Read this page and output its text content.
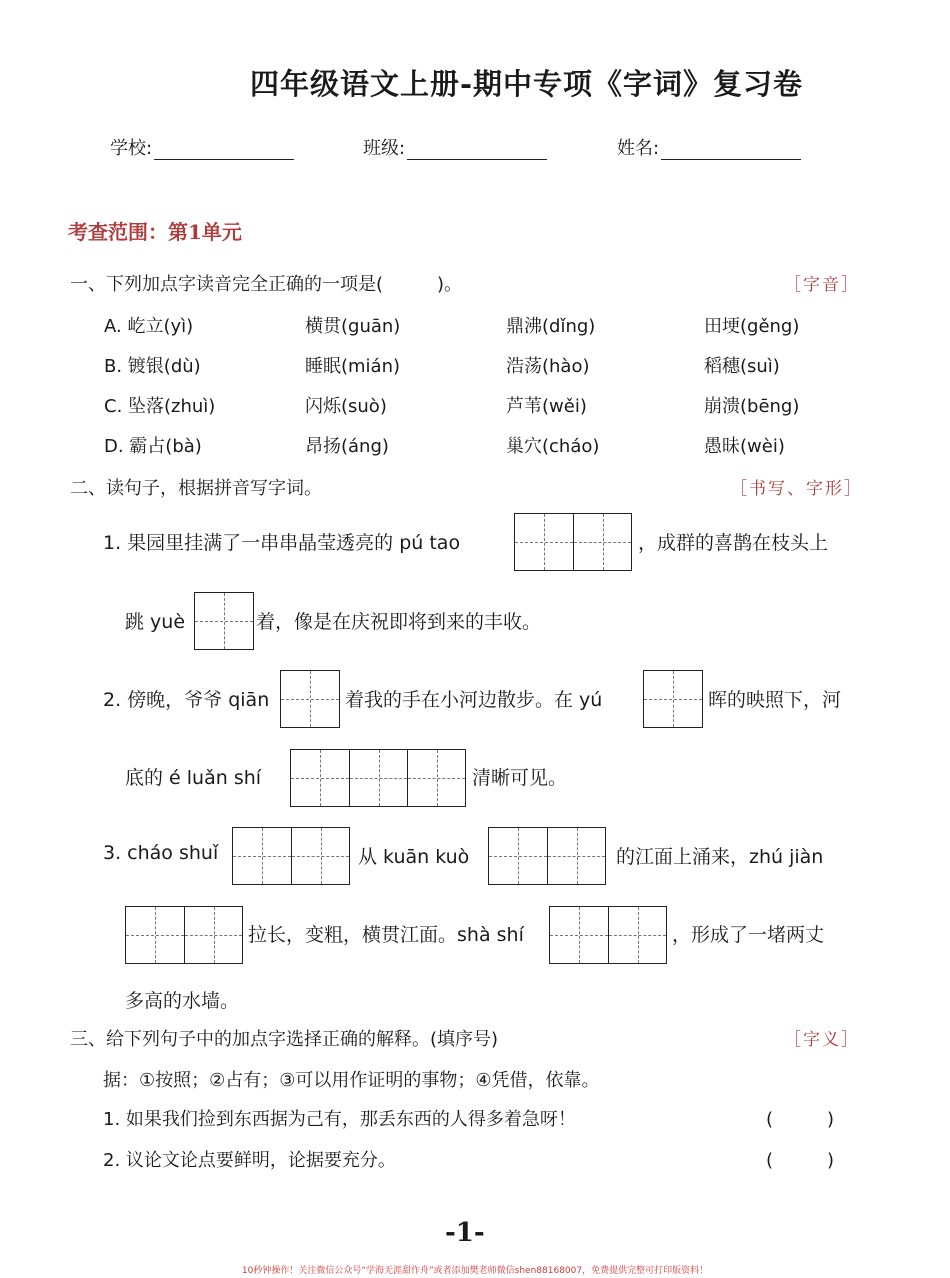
四年级语文上册-期中专项《字词》复习卷
学校:	班级:	姓名:
考查范围：第1单元
一、下列加点字读音完全正确的一项是(　　　)。	［字音］
A. 屹立(yì)	横贯(guān)	鼎沸(dǐng)	田埂(gěng)
B. 镀银(dù)	睡眠(mián)	浩荡(hào)	稻穗(suì)
C. 坠落(zhuì)	闪烁(suò)	芦苇(wěi)	崩溃(bēng)
D. 霸占(bà)	昂扬(áng)	巢穴(cháo)	愚昧(wèi)
二、读句子，根据拼音写字词。	［书写、字形］
1. 果园里挂满了一串串晶莹透亮的 pú tao	，成群的喜鹊在枝头上
跳 yuè	着，像是在庆祝即将到来的丰收。
2. 傍晚，爷爷 qiān	着我的手在小河边散步。在 yú	晖的映照下，河
底的 é luǎn shí	清晰可见。
3. cháo shuǐ	从 kuān kuò	的江面上涌来，zhú jiàn
拉长，变粗，横贯江面。shà shí	，形成了一堵两丈
多高的水墙。
三、给下列句子中的加点字选择正确的解释。(填序号)	［字义］
据：①按照；②占有；③可以用作证明的事物；④凭借，依靠。
1. 如果我们捡到东西据为己有，那丢东西的人得多着急呀！	(　　　)
2. 议论文论点要鲜明，论据要充分。	(　　　)
-1-
10秒钟操作！关注微信公众号“学海无涯甜作舟”或者添加樊老师微信shen88168007，免费提供完整可打印版资料！
